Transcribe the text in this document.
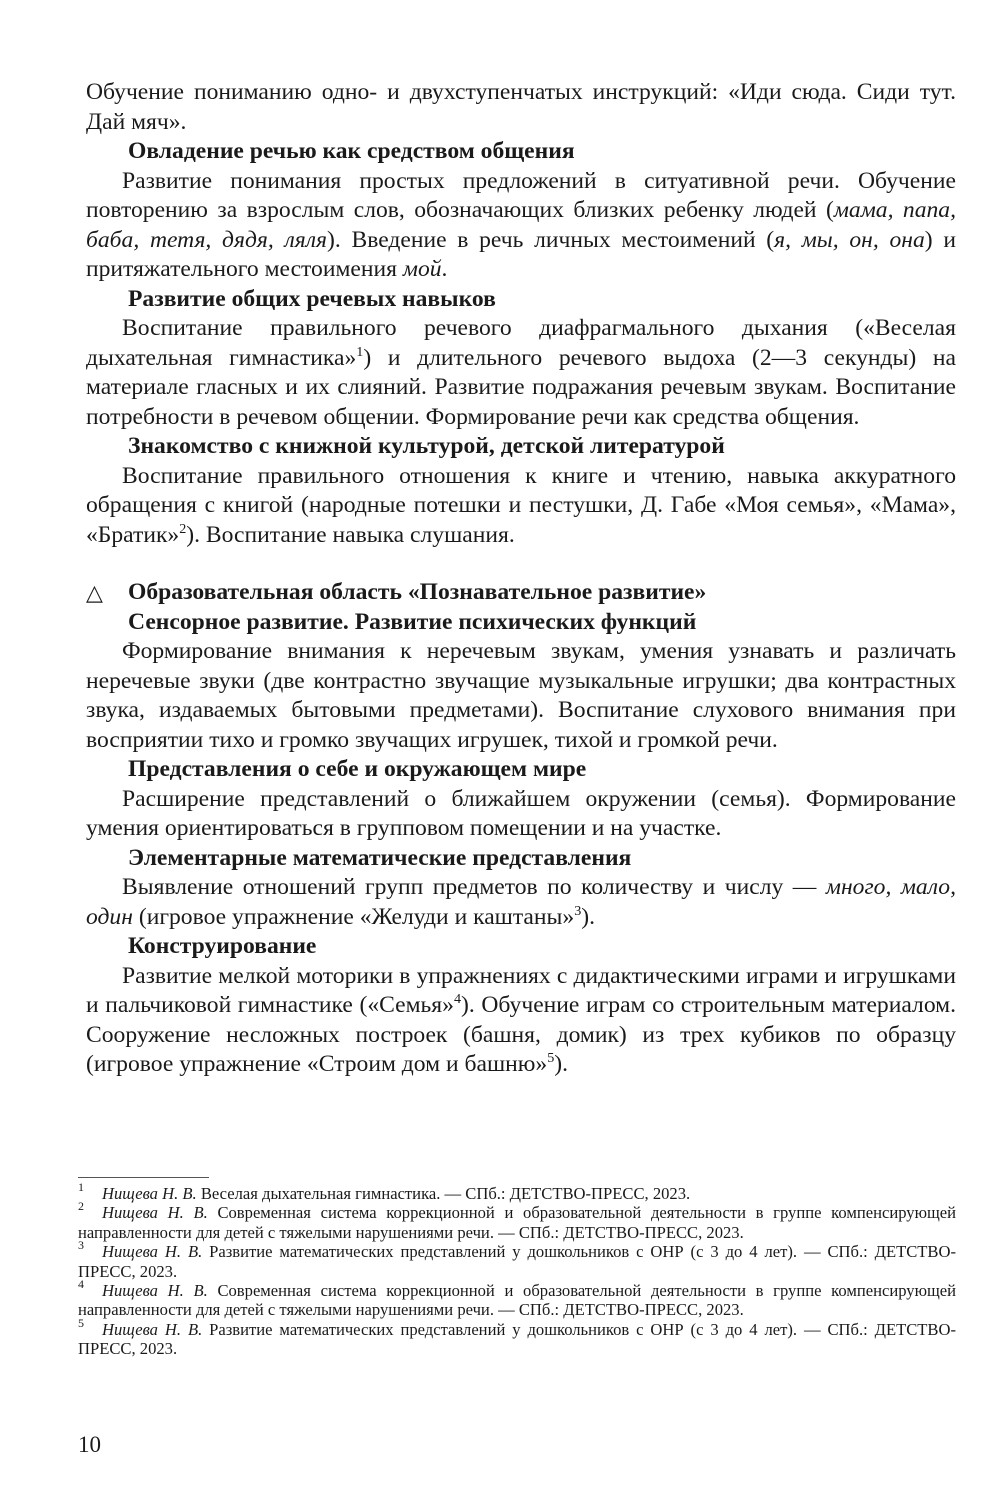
Обучение пониманию одно- и двухступенчатых инструкций: «Иди сюда. Сиди тут. Дай мяч».

Овладение речью как средством общения

Развитие понимания простых предложений в ситуативной речи. Обучение повторению за взрослым слов, обозначающих близких ребенку людей (мама, папа, баба, тетя, дядя, ляля). Введение в речь личных местоимений (я, мы, он, она) и притяжательного местоимения мой.

Развитие общих речевых навыков

Воспитание правильного речевого диафрагмального дыхания («Веселая дыхательная гимнастика»$^1$) и длительного речевого выдоха (2—3 секунды) на материале гласных и их слияний. Развитие подражания речевым звукам. Воспитание потребности в речевом общении. Формирование речи как средства общения.

Знакомство с книжной культурой, детской литературой

Воспитание правильного отношения к книге и чтению, навыка аккуратного обращения с книгой (народные потешки и пестушки, Д. Габе «Моя семья», «Мама», «Братик»$^2$). Воспитание навыка слушания.

△ Образовательная область «Познавательное развитие»

Сенсорное развитие. Развитие психических функций

Формирование внимания к неречевым звукам, умения узнавать и различать неречевые звуки (две контрастно звучащие музыкальные игрушки; два контрастных звука, издаваемых бытовыми предметами). Воспитание слухового внимания при восприятии тихо и громко звучащих игрушек, тихой и громкой речи.

Представления о себе и окружающем мире

Расширение представлений о ближайшем окружении (семья). Формирование умения ориентироваться в групповом помещении и на участке.

Элементарные математические представления

Выявление отношений групп предметов по количеству и числу — много, мало, один (игровое упражнение «Желуди и каштаны»$^3$).

Конструирование

Развитие мелкой моторики в упражнениях с дидактическими играми и игрушками и пальчиковой гимнастике («Семья»$^4$). Обучение играм со строительным материалом. Сооружение несложных построек (башня, домик) из трех кубиков по образцу (игровое упражнение «Строим дом и башню»$^5$).

1	Нищева Н. В. Веселая дыхательная гимнастика. — СПб.: ДЕТСТВО-ПРЕСС, 2023.
2	Нищева Н. В. Современная система коррекционной и образовательной деятельности в группе компенсирующей направленности для детей с тяжелыми нарушениями речи. — СПб.: ДЕТСТВО-ПРЕСС, 2023.
3	Нищева Н. В. Развитие математических представлений у дошкольников с ОНР (с 3 до 4 лет). — СПб.: ДЕТСТВО-ПРЕСС, 2023.
4	Нищева Н. В. Современная система коррекционной и образовательной деятельности в группе компенсирующей направленности для детей с тяжелыми нарушениями речи. — СПб.: ДЕТСТВО-ПРЕСС, 2023.
5	Нищева Н. В. Развитие математических представлений у дошкольников с ОНР (с 3 до 4 лет). — СПб.: ДЕТСТВО-ПРЕСС, 2023.
10
